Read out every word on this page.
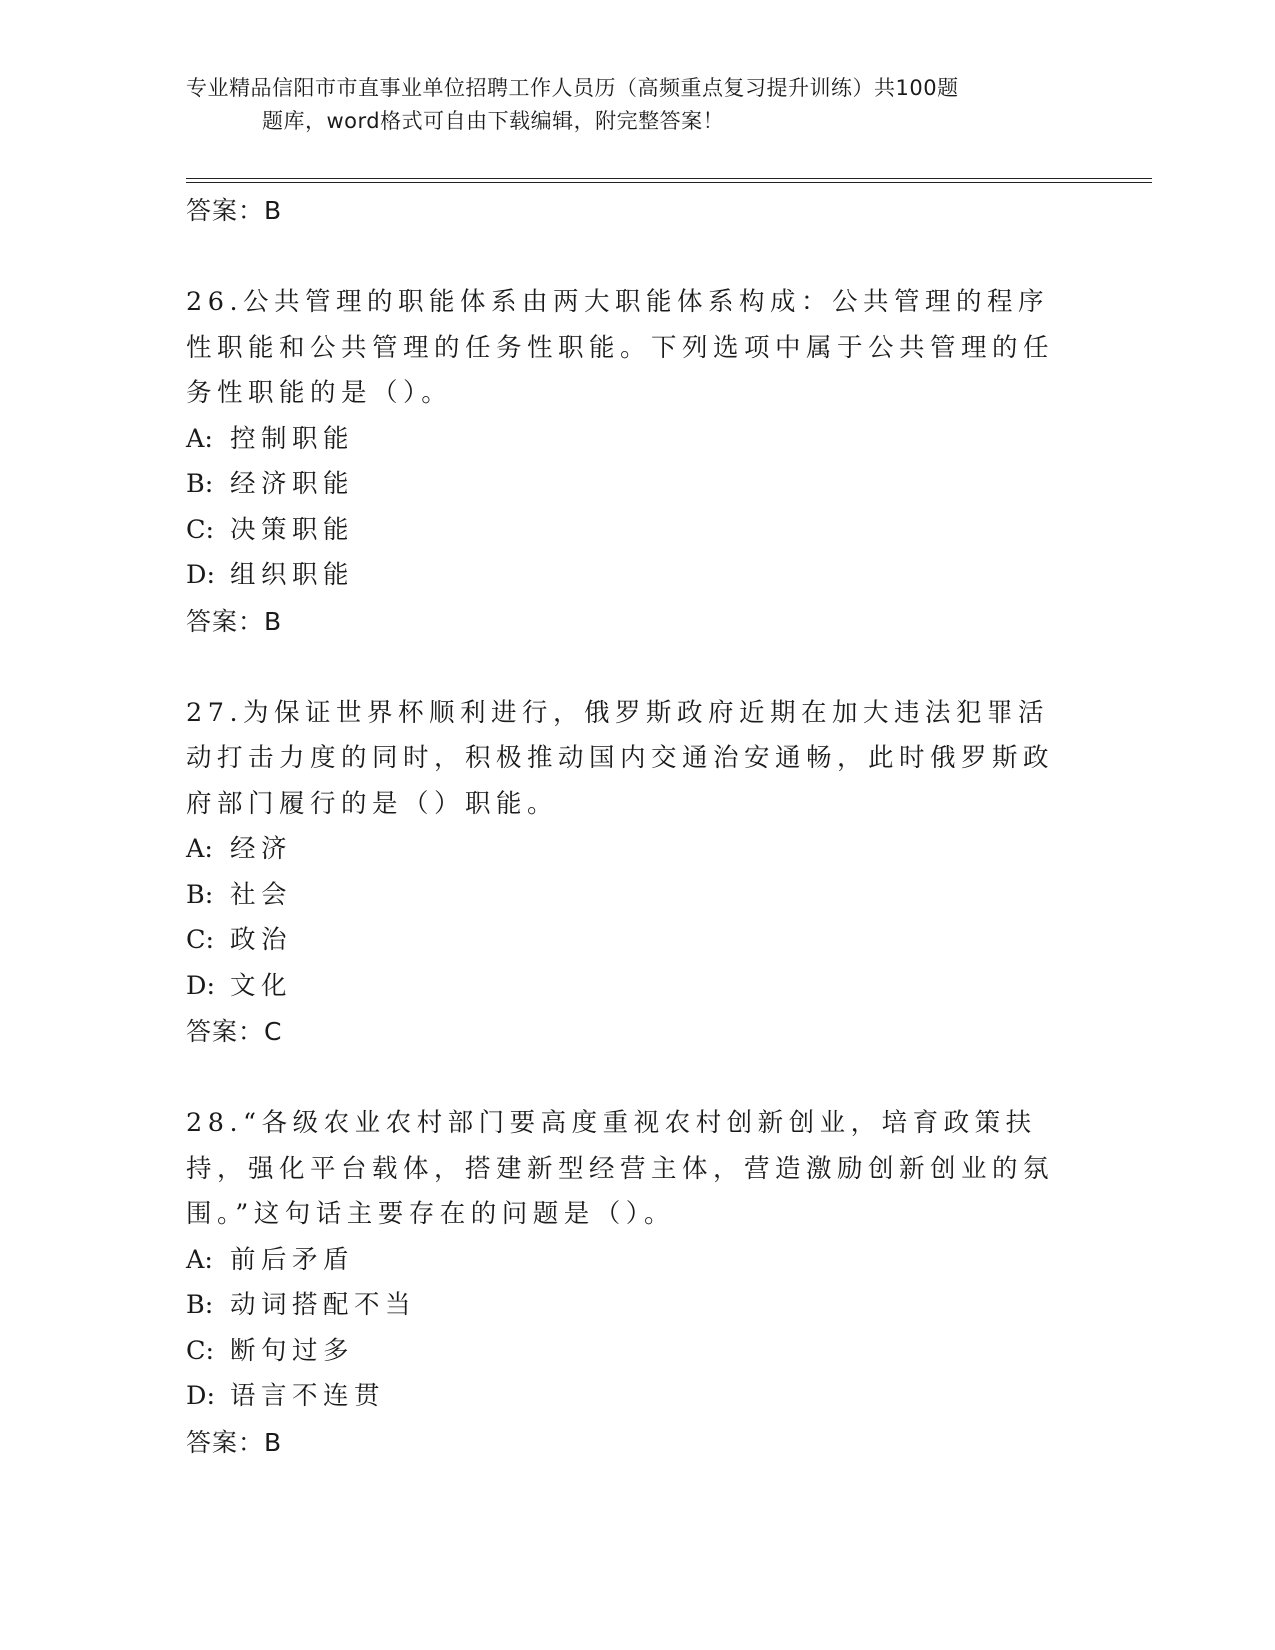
专业精品信阳市市直事业单位招聘工作人员历（高频重点复习提升训练）共100题
题库，word格式可自由下载编辑，附完整答案！
答案：B
26.公共管理的职能体系由两大职能体系构成：公共管理的程序性职能和公共管理的任务性职能。下列选项中属于公共管理的任务性职能的是（）。
A: 控制职能
B: 经济职能
C: 决策职能
D: 组织职能
答案：B
27.为保证世界杯顺利进行，俄罗斯政府近期在加大违法犯罪活动打击力度的同时，积极推动国内交通治安通畅，此时俄罗斯政府部门履行的是（）职能。
A: 经济
B: 社会
C: 政治
D: 文化
答案：C
28.“各级农业农村部门要高度重视农村创新创业，培育政策扶持，强化平台载体，搭建新型经营主体，营造激励创新创业的氛围。”这句话主要存在的问题是（）。
A: 前后矛盾
B: 动词搭配不当
C: 断句过多
D: 语言不连贯
答案：B
